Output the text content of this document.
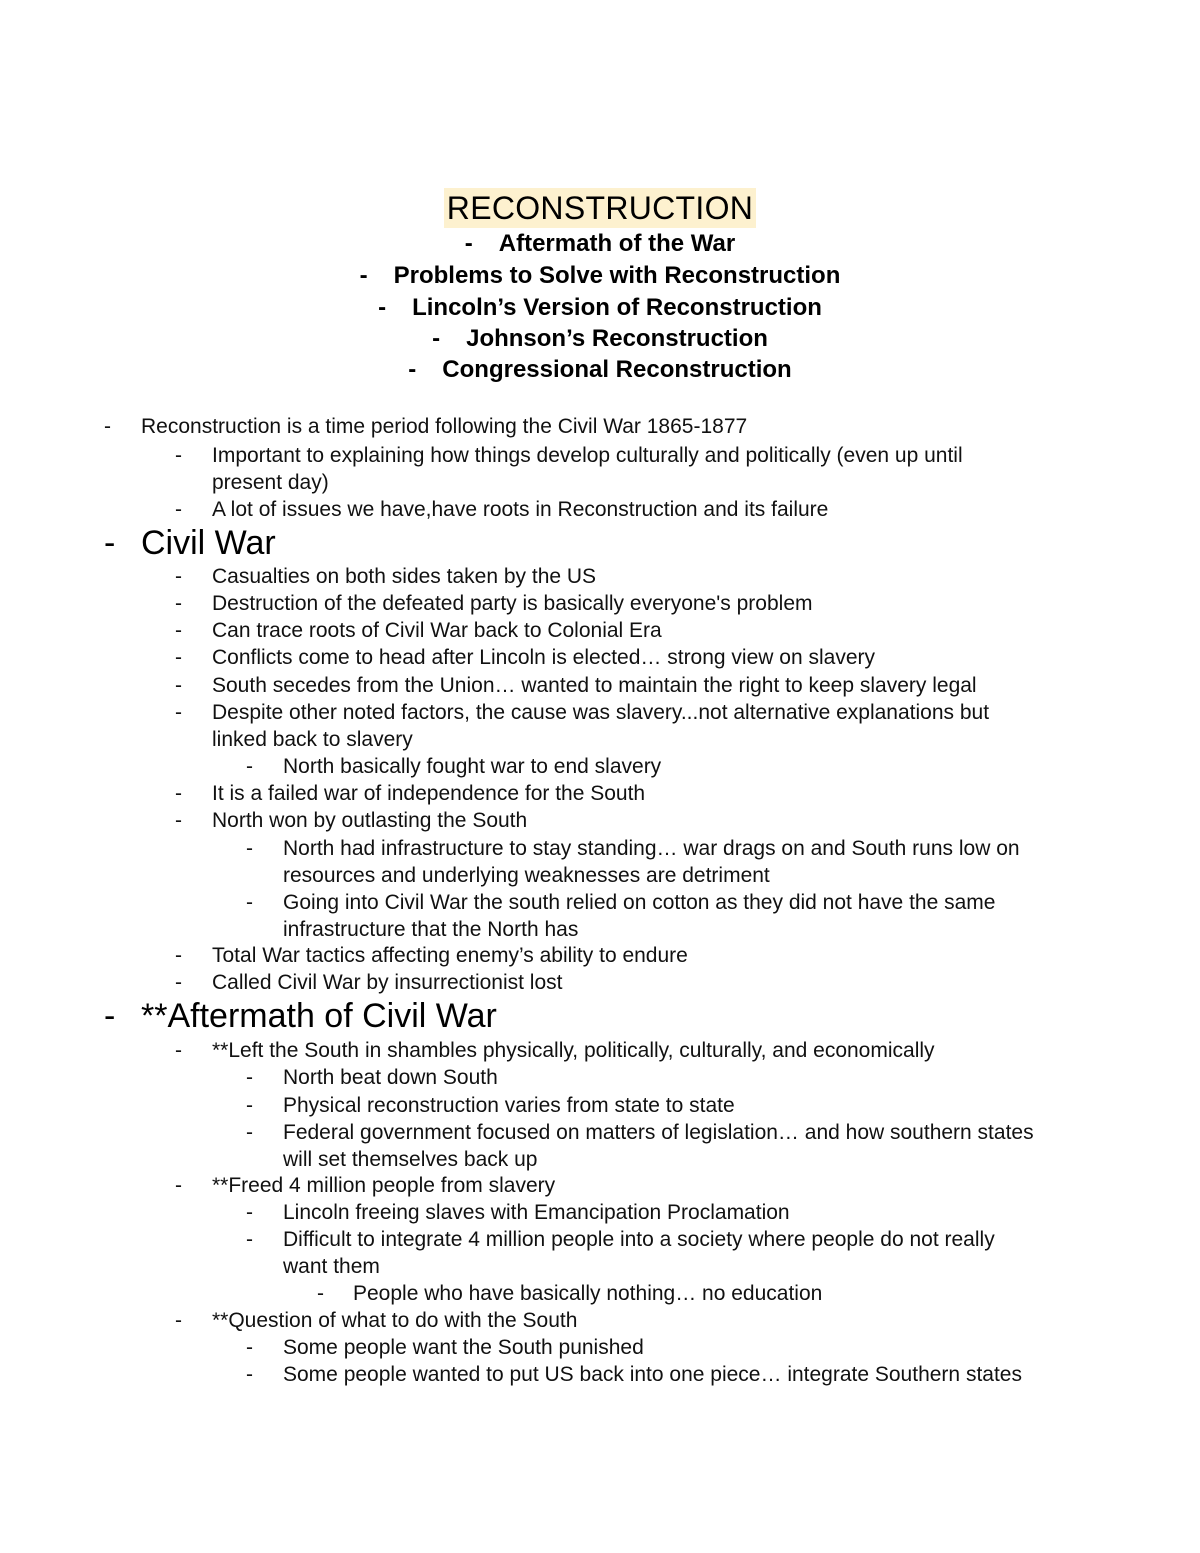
RECONSTRUCTION
- Aftermath of the War
- Problems to Solve with Reconstruction
- Lincoln’s Version of Reconstruction
- Johnson’s Reconstruction
- Congressional Reconstruction
- Reconstruction is a time period following the Civil War 1865-1877
- Important to explaining how things develop culturally and politically (even up until
present day)
- A lot of issues we have,have roots in Reconstruction and its failure
- Civil War
- Casualties on both sides taken by the US
- Destruction of the defeated party is basically everyone's problem
- Can trace roots of Civil War back to Colonial Era
- Conflicts come to head after Lincoln is elected… strong view on slavery
- South secedes from the Union… wanted to maintain the right to keep slavery legal
- Despite other noted factors, the cause was slavery...not alternative explanations but
linked back to slavery
- North basically fought war to end slavery
- It is a failed war of independence for the South
- North won by outlasting the South
- North had infrastructure to stay standing… war drags on and South runs low on
resources and underlying weaknesses are detriment
- Going into Civil War the south relied on cotton as they did not have the same
infrastructure that the North has
- Total War tactics affecting enemy’s ability to endure
- Called Civil War by insurrectionist lost
- **Aftermath of Civil War
- **Left the South in shambles physically, politically, culturally, and economically
- North beat down South
- Physical reconstruction varies from state to state
- Federal government focused on matters of legislation… and how southern states
will set themselves back up
- **Freed 4 million people from slavery
- Lincoln freeing slaves with Emancipation Proclamation
- Difficult to integrate 4 million people into a society where people do not really
want them
- People who have basically nothing… no education
- **Question of what to do with the South
- Some people want the South punished
- Some people wanted to put US back into one piece… integrate Southern states
